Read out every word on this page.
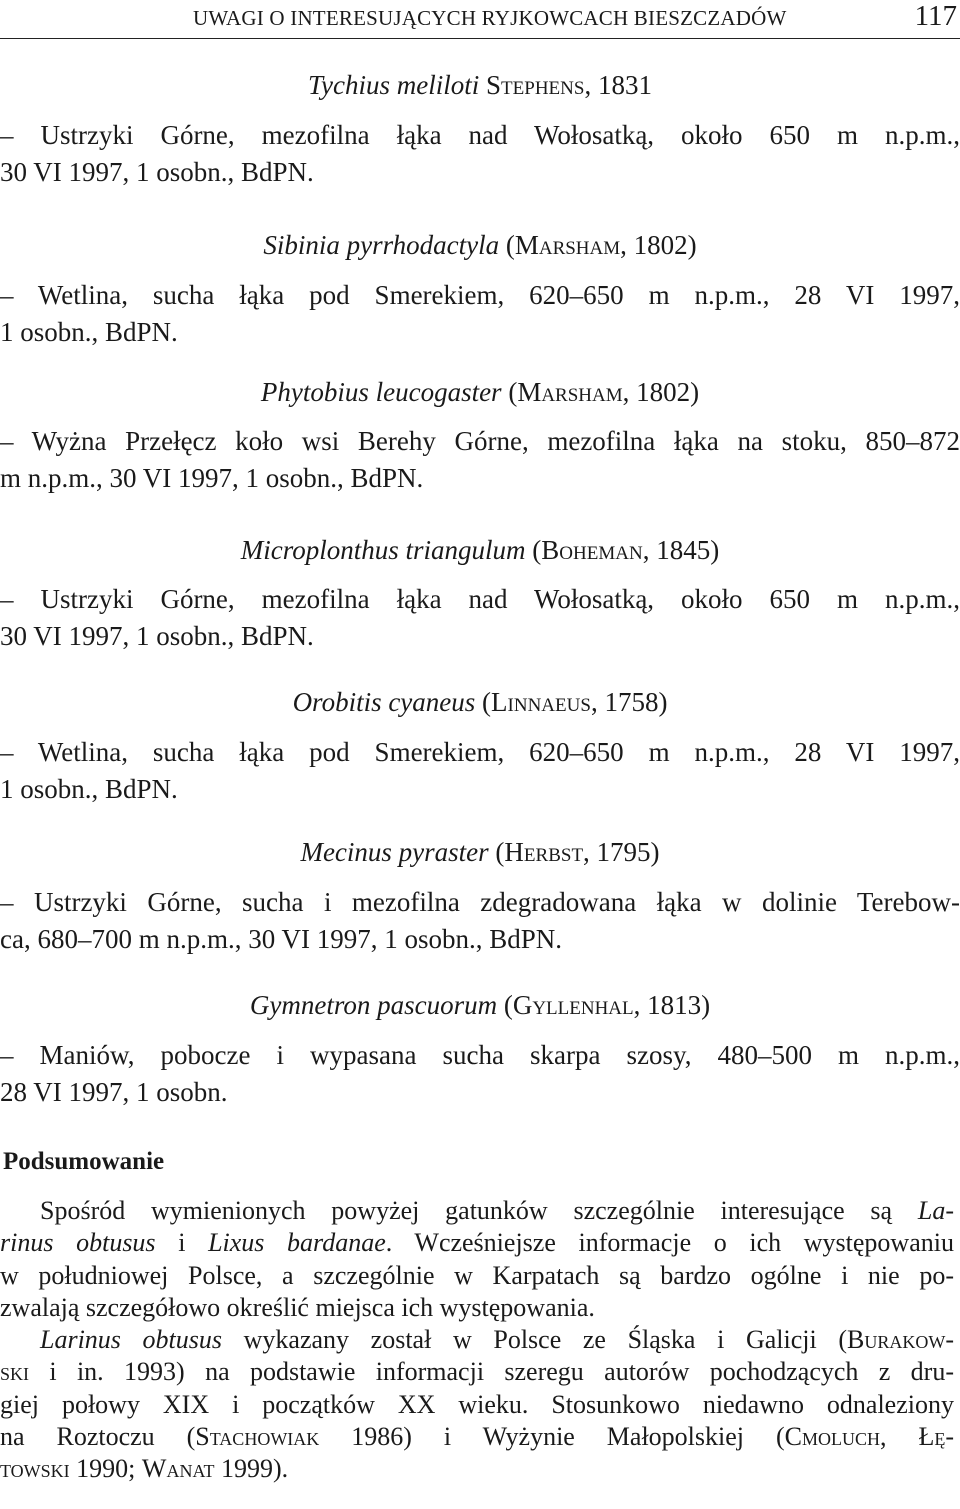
UWAGI O INTERESUJĄCYCH RYJKOWCACH BIESZCZADÓW	117
Tychius meliloti Stephens, 1831
– Ustrzyki Górne, mezofilna łąka nad Wołosatką, około 650 m n.p.m.,
30 VI 1997, 1 osobn., BdPN.
Sibinia pyrrhodactyla (Marsham, 1802)
– Wetlina, sucha łąka pod Smerekiem, 620–650 m n.p.m., 28 VI 1997,
1 osobn., BdPN.
Phytobius leucogaster (Marsham, 1802)
– Wyżna Przełęcz koło wsi Berehy Górne, mezofilna łąka na stoku, 850–872
m n.p.m., 30 VI 1997, 1 osobn., BdPN.
Microplonthus triangulum (Boheman, 1845)
– Ustrzyki Górne, mezofilna łąka nad Wołosatką, około 650 m n.p.m.,
30 VI 1997, 1 osobn., BdPN.
Orobitis cyaneus (Linnaeus, 1758)
– Wetlina, sucha łąka pod Smerekiem, 620–650 m n.p.m., 28 VI 1997,
1 osobn., BdPN.
Mecinus pyraster (Herbst, 1795)
– Ustrzyki Górne, sucha i mezofilna zdegradowana łąka w dolinie Terebow-
ca, 680–700 m n.p.m., 30 VI 1997, 1 osobn., BdPN.
Gymnetron pascuorum (Gyllenhal, 1813)
– Maniów, pobocze i wypasana sucha skarpa szosy, 480–500 m n.p.m.,
28 VI 1997, 1 osobn.
Podsumowanie
Spośród wymienionych powyżej gatunków szczególnie interesujące są La-
rinus obtusus i Lixus bardanae. Wcześniejsze informacje o ich występowaniu
w południowej Polsce, a szczególnie w Karpatach są bardzo ogólne i nie po-
zwalają szczegółowo określić miejsca ich występowania.
Larinus obtusus wykazany został w Polsce ze Śląska i Galicji (Burakow-
ski i in. 1993) na podstawie informacji szeregu autorów pochodzących z dru-
giej połowy XIX i początków XX wieku. Stosunkowo niedawno odnaleziony
na Roztoczu (Stachowiak 1986) i Wyżynie Małopolskiej (Cmoluch, Łę-
towski 1990; Wanat 1999).
